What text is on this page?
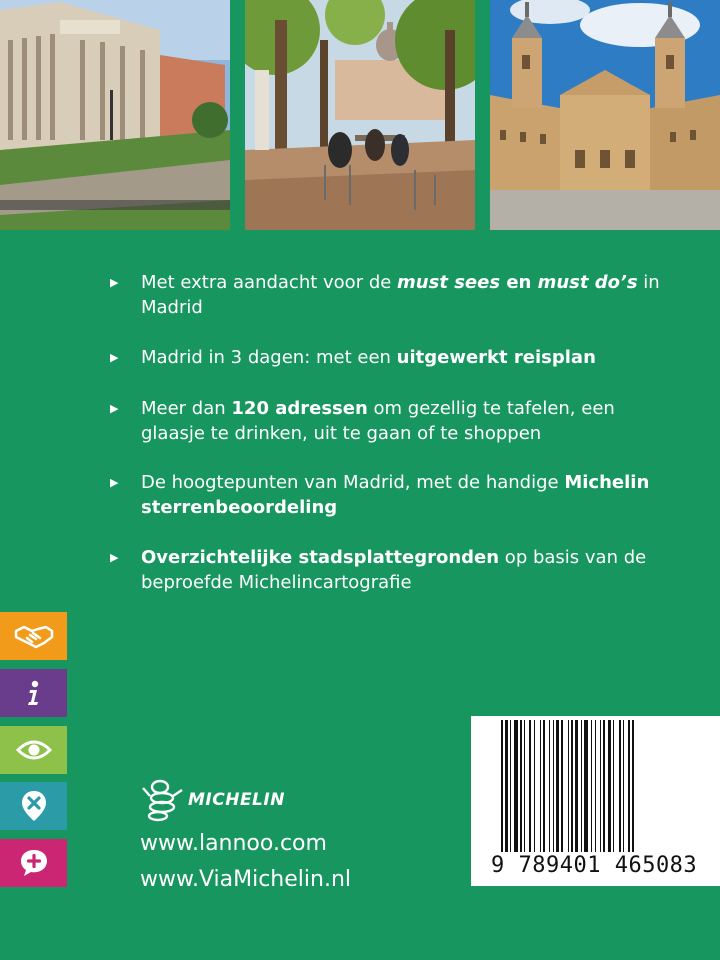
▶ Met extra aandacht voor de must sees en must do’s in Madrid
▶ Madrid in 3 dagen: met een uitgewerkt reisplan
▶ Meer dan 120 adressen om gezellig te tafelen, een glaasje te drinken, uit te gaan of te shoppen
▶ De hoogtepunten van Madrid, met de handige Michelin sterrenbeoordeling
▶ Overzichtelijke stadsplattegronden op basis van de beproefde Michelincartografie
MICHELIN
www.lannoo.com
www.ViaMichelin.nl
9 789401 465083
